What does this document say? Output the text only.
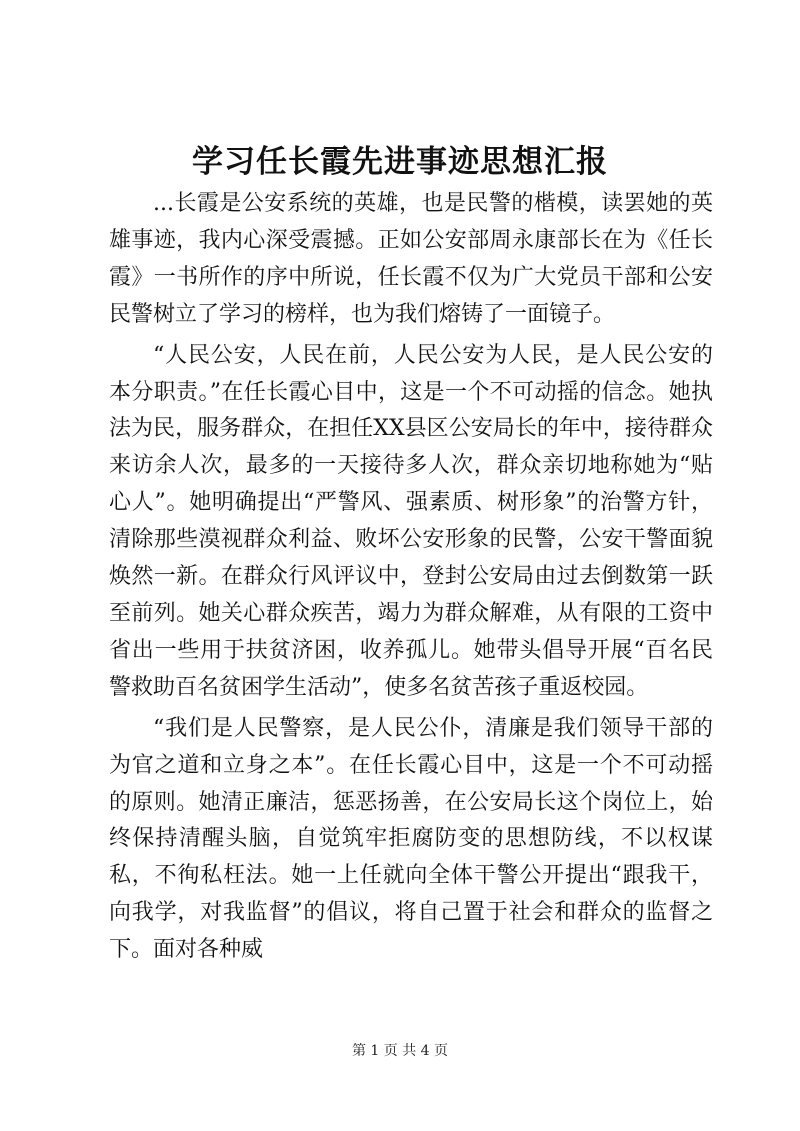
学习任长霞先进事迹思想汇报

...长霞是公安系统的英雄，也是民警的楷模，读罢她的英雄事迹，我内心深受震撼。正如公安部周永康部长在为《任长霞》一书所作的序中所说，任长霞不仅为广大党员干部和公安民警树立了学习的榜样，也为我们熔铸了一面镜子。

“人民公安，人民在前，人民公安为人民，是人民公安的本分职责。”在任长霞心目中，这是一个不可动摇的信念。她执法为民，服务群众，在担任XX县区公安局长的年中，接待群众来访余人次，最多的一天接待多人次，群众亲切地称她为“贴心人”。她明确提出“严警风、强素质、树形象”的治警方针，清除那些漠视群众利益、败坏公安形象的民警，公安干警面貌焕然一新。在群众行风评议中，登封公安局由过去倒数第一跃至前列。她关心群众疾苦，竭力为群众解难，从有限的工资中省出一些用于扶贫济困，收养孤儿。她带头倡导开展“百名民警救助百名贫困学生活动”，使多名贫苦孩子重返校园。

“我们是人民警察，是人民公仆，清廉是我们领导干部的为官之道和立身之本”。在任长霞心目中，这是一个不可动摇的原则。她清正廉洁，惩恶扬善，在公安局长这个岗位上，始终保持清醒头脑，自觉筑牢拒腐防变的思想防线，不以权谋私，不徇私枉法。她一上任就向全体干警公开提出“跟我干，向我学，对我监督”的倡议，将自己置于社会和群众的监督之下。面对各种威

第 1 页 共 4 页
